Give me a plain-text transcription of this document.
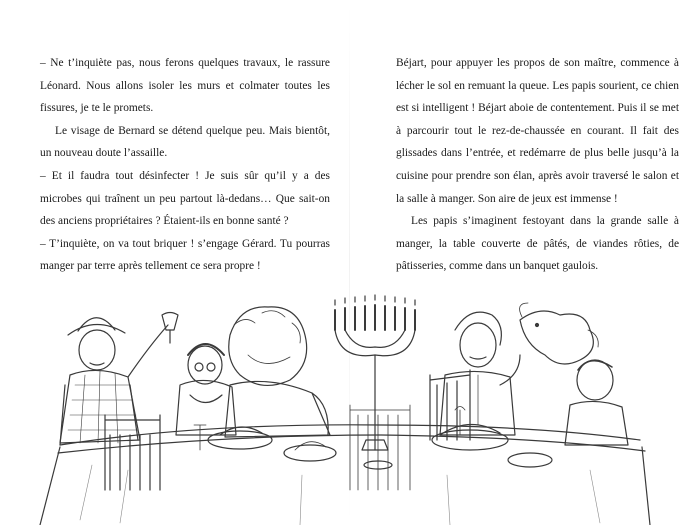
– Ne t’inquiète pas, nous ferons quelques travaux, le rassure Léonard. Nous allons isoler les murs et colmater toutes les fissures, je te le promets.

Le visage de Bernard se détend quelque peu. Mais bientôt, un nouveau doute l’assaille.

– Et il faudra tout désinfecter ! Je suis sûr qu’il y a des microbes qui traînent un peu partout là-dedans… Que sait-on des anciens propriétaires ? Étaient-ils en bonne santé ?

– T’inquiète, on va tout briquer ! s’engage Gérard. Tu pourras manger par terre après tellement ce sera propre !

Béjart, pour appuyer les propos de son maître, commence à lécher le sol en remuant la queue. Les papis sourient, ce chien est si intelligent ! Béjart aboie de contentement. Puis il se met à parcourir tout le rez-de-chaussée en courant. Il fait des glissades dans l’entrée, et redémarre de plus belle jusqu’à la cuisine pour prendre son élan, après avoir traversé le salon et la salle à manger. Son aire de jeux est immense !

Les papis s’imaginent festoyant dans la grande salle à manger, la table couverte de pâtés, de viandes rôties, de pâtisseries, comme dans un banquet gaulois.
